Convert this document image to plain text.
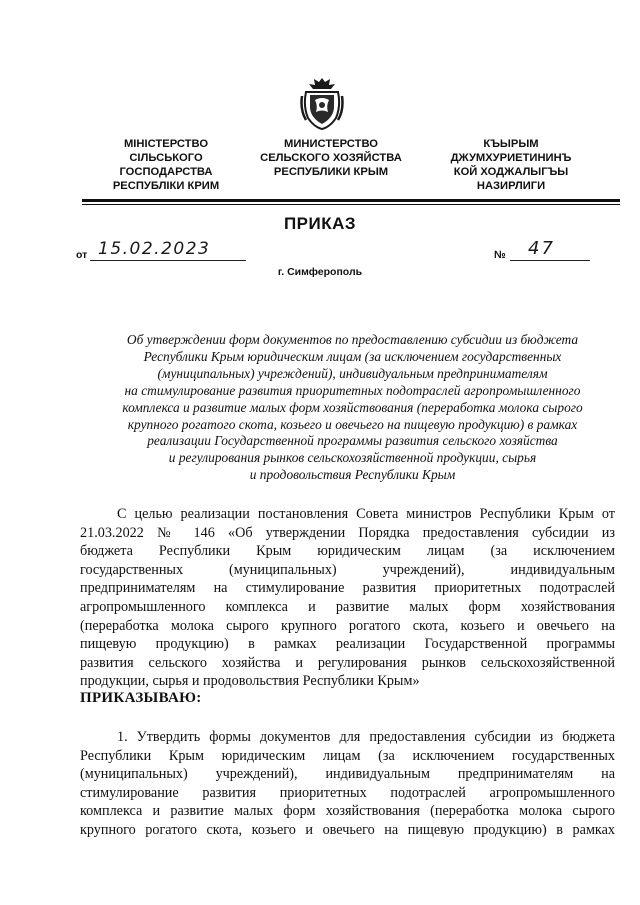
МІНІСТЕРСТВО
СІЛЬСЬКОГО
ГОСПОДАРСТВА
РЕСПУБЛІКИ КРИМ
МИНИСТЕРСТВО
СЕЛЬСКОГО ХОЗЯЙСТВА
РЕСПУБЛИКИ КРЫМ
КЪЫРЫМ
ДЖУМХУРИЕТИНИНЪ
КОЙ ХОДЖАЛЫГЪЫ
НАЗИРЛИГИ
ПРИКАЗ
от 15.02.2023	№ 47
г. Симферополь
Об утверждении форм документов по предоставлению субсидии из бюджета
Республики Крым юридическим лицам (за исключением государственных
(муниципальных) учреждений), индивидуальным предпринимателям
на стимулирование развития приоритетных подотраслей агропромышленного
комплекса и развитие малых форм хозяйствования (переработка молока сырого
крупного рогатого скота, козьего и овечьего на пищевую продукцию) в рамках
реализации Государственной программы развития сельского хозяйства
и регулирования рынков сельскохозяйственной продукции, сырья
и продовольствия Республики Крым
С целью реализации постановления Совета министров Республики Крым от
21.03.2022 № 146 «Об утверждении Порядка предоставления субсидии из
бюджета Республики Крым юридическим лицам (за исключением
государственных (муниципальных) учреждений), индивидуальным
предпринимателям на стимулирование развития приоритетных подотраслей
агропромышленного комплекса и развитие малых форм хозяйствования
(переработка молока сырого крупного рогатого скота, козьего и овечьего на
пищевую продукцию) в рамках реализации Государственной программы
развития сельского хозяйства и регулирования рынков сельскохозяйственной
продукции, сырья и продовольствия Республики Крым»
ПРИКАЗЫВАЮ:
1. Утвердить формы документов для предоставления субсидии из бюджета
Республики Крым юридическим лицам (за исключением государственных
(муниципальных) учреждений), индивидуальным предпринимателям на
стимулирование развития приоритетных подотраслей агропромышленного
комплекса и развитие малых форм хозяйствования (переработка молока сырого
крупного рогатого скота, козьего и овечьего на пищевую продукцию) в рамках
